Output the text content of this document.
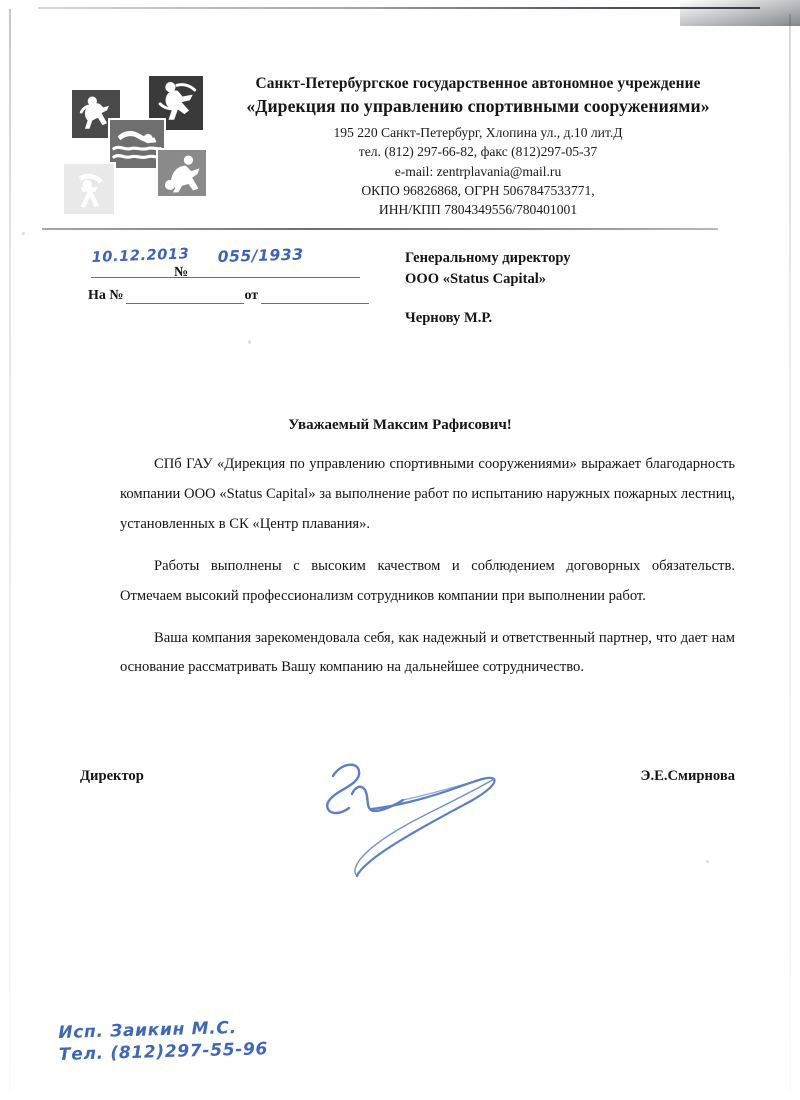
Санкт-Петербургское государственное автономное учреждение
«Дирекция по управлению спортивными сооружениями»
195 220 Санкт-Петербург, Хлопина ул., д.10 лит.Д
тел. (812) 297-66-82, факс (812)297-05-37
e-mail: zentrplavania@mail.ru
ОКПО 96826868, ОГРН 5067847533771,
ИНН/КПП 7804349556/780401001
10.12.2013 055/1933
На №	от
№
Генеральному директору
ООО «Status Capital»
Чернову М.Р.
Уважаемый Максим Рафисович!

СПб ГАУ «Дирекция по управлению спортивными сооружениями» выражает благодарность компании ООО «Status Capital» за выполнение работ по испытанию наружных пожарных лестниц, установленных в СК «Центр плавания».

Работы выполнены с высоким качеством и соблюдением договорных обязательств. Отмечаем высокий профессионализм сотрудников компании при выполнении работ.

Ваша компания зарекомендовала себя, как надежный и ответственный партнер, что дает нам основание рассматривать Вашу компанию на дальнейшее сотрудничество.

Директор	Э.Е.Смирнова
Исп. Заикин М.С.
Тел. (812)297-55-96
